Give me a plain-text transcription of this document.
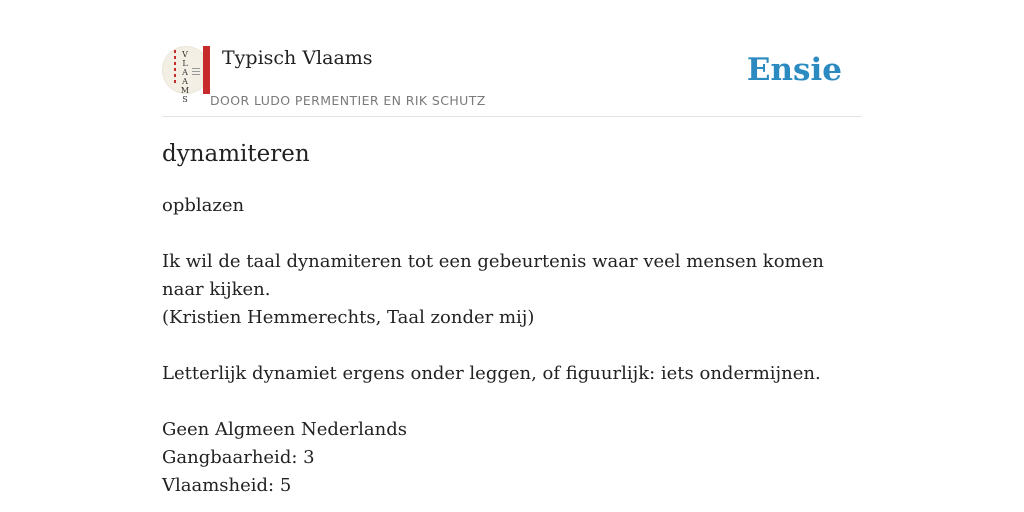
V
L
A
A
M
S
Typisch Vlaams
DOOR LUDO PERMENTIER EN RIK SCHUTZ
Ensie
dynamiteren

opblazen

Ik wil de taal dynamiteren tot een gebeurtenis waar veel mensen komen naar kijken.

(Kristien Hemmerechts, Taal zonder mij)

Letterlijk dynamiet ergens onder leggen, of figuurlijk: iets ondermijnen.

Geen Algmeen Nederlands

Gangbaarheid: 3

Vlaamsheid: 5
